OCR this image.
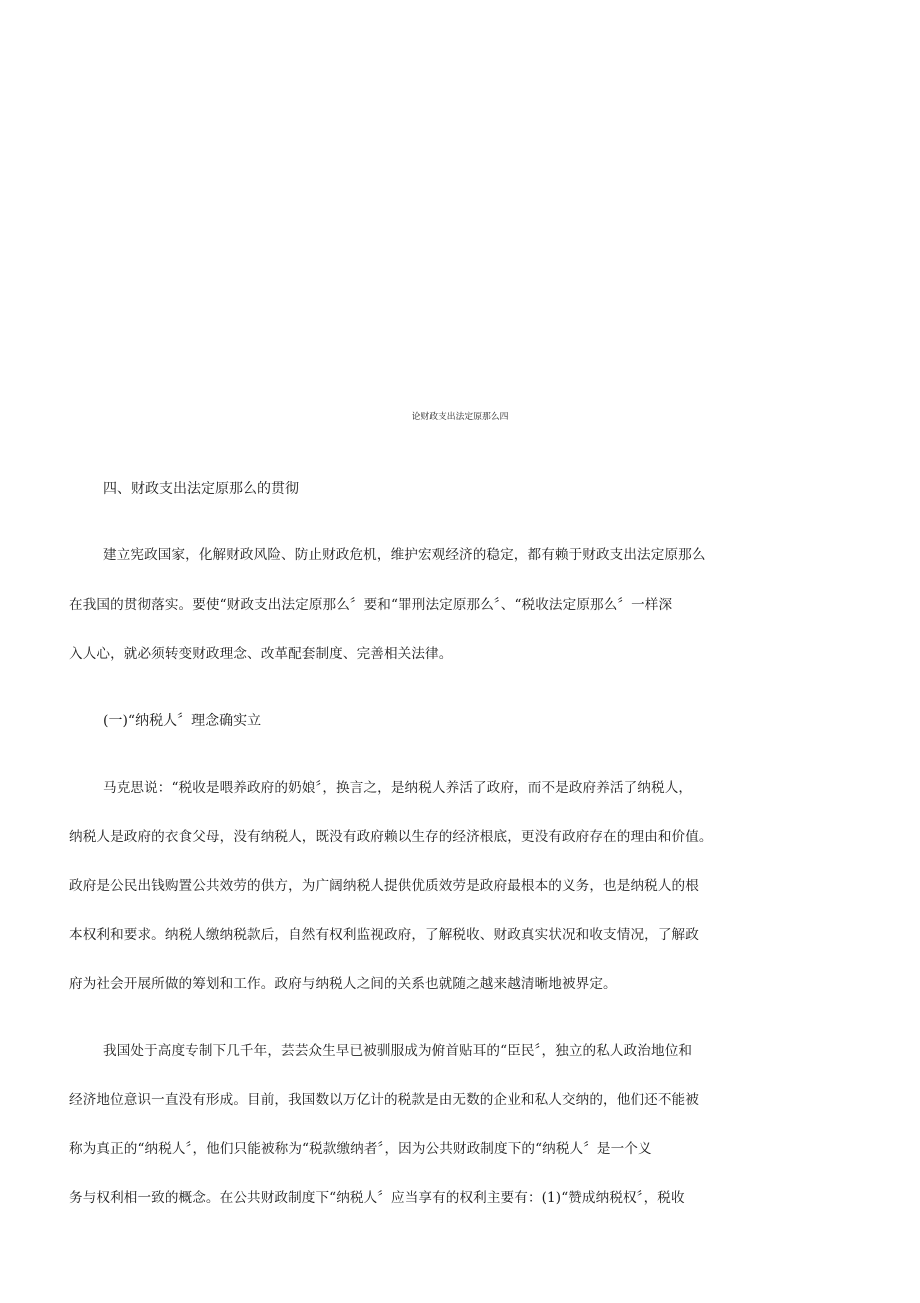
论财政支出法定原那么四
四、财政支出法定原那么的贯彻
建立宪政国家，化解财政风险、防止财政危机，维护宏观经济的稳定，都有赖于财政支出法定原那么
在我国的贯彻落实。要使“财政支出法定原那么〞要和“罪刑法定原那么〞、“税收法定原那么〞一样深
入人心，就必须转变财政理念、改革配套制度、完善相关法律。
(一)“纳税人〞理念确实立
马克思说：“税收是喂养政府的奶娘〞，换言之，是纳税人养活了政府，而不是政府养活了纳税人，
纳税人是政府的衣食父母，没有纳税人，既没有政府赖以生存的经济根底，更没有政府存在的理由和价值。
政府是公民出钱购置公共效劳的供方，为广阔纳税人提供优质效劳是政府最根本的义务，也是纳税人的根
本权利和要求。纳税人缴纳税款后，自然有权利监视政府，了解税收、财政真实状况和收支情况，了解政
府为社会开展所做的筹划和工作。政府与纳税人之间的关系也就随之越来越清晰地被界定。
我国处于高度专制下几千年，芸芸众生早已被驯服成为俯首贴耳的“臣民〞，独立的私人政治地位和
经济地位意识一直没有形成。目前，我国数以万亿计的税款是由无数的企业和私人交纳的，他们还不能被
称为真正的“纳税人〞，他们只能被称为“税款缴纳者〞，因为公共财政制度下的“纳税人〞是一个义
务与权利相一致的概念。在公共财政制度下“纳税人〞应当享有的权利主要有：(1)“赞成纳税权〞，税收
